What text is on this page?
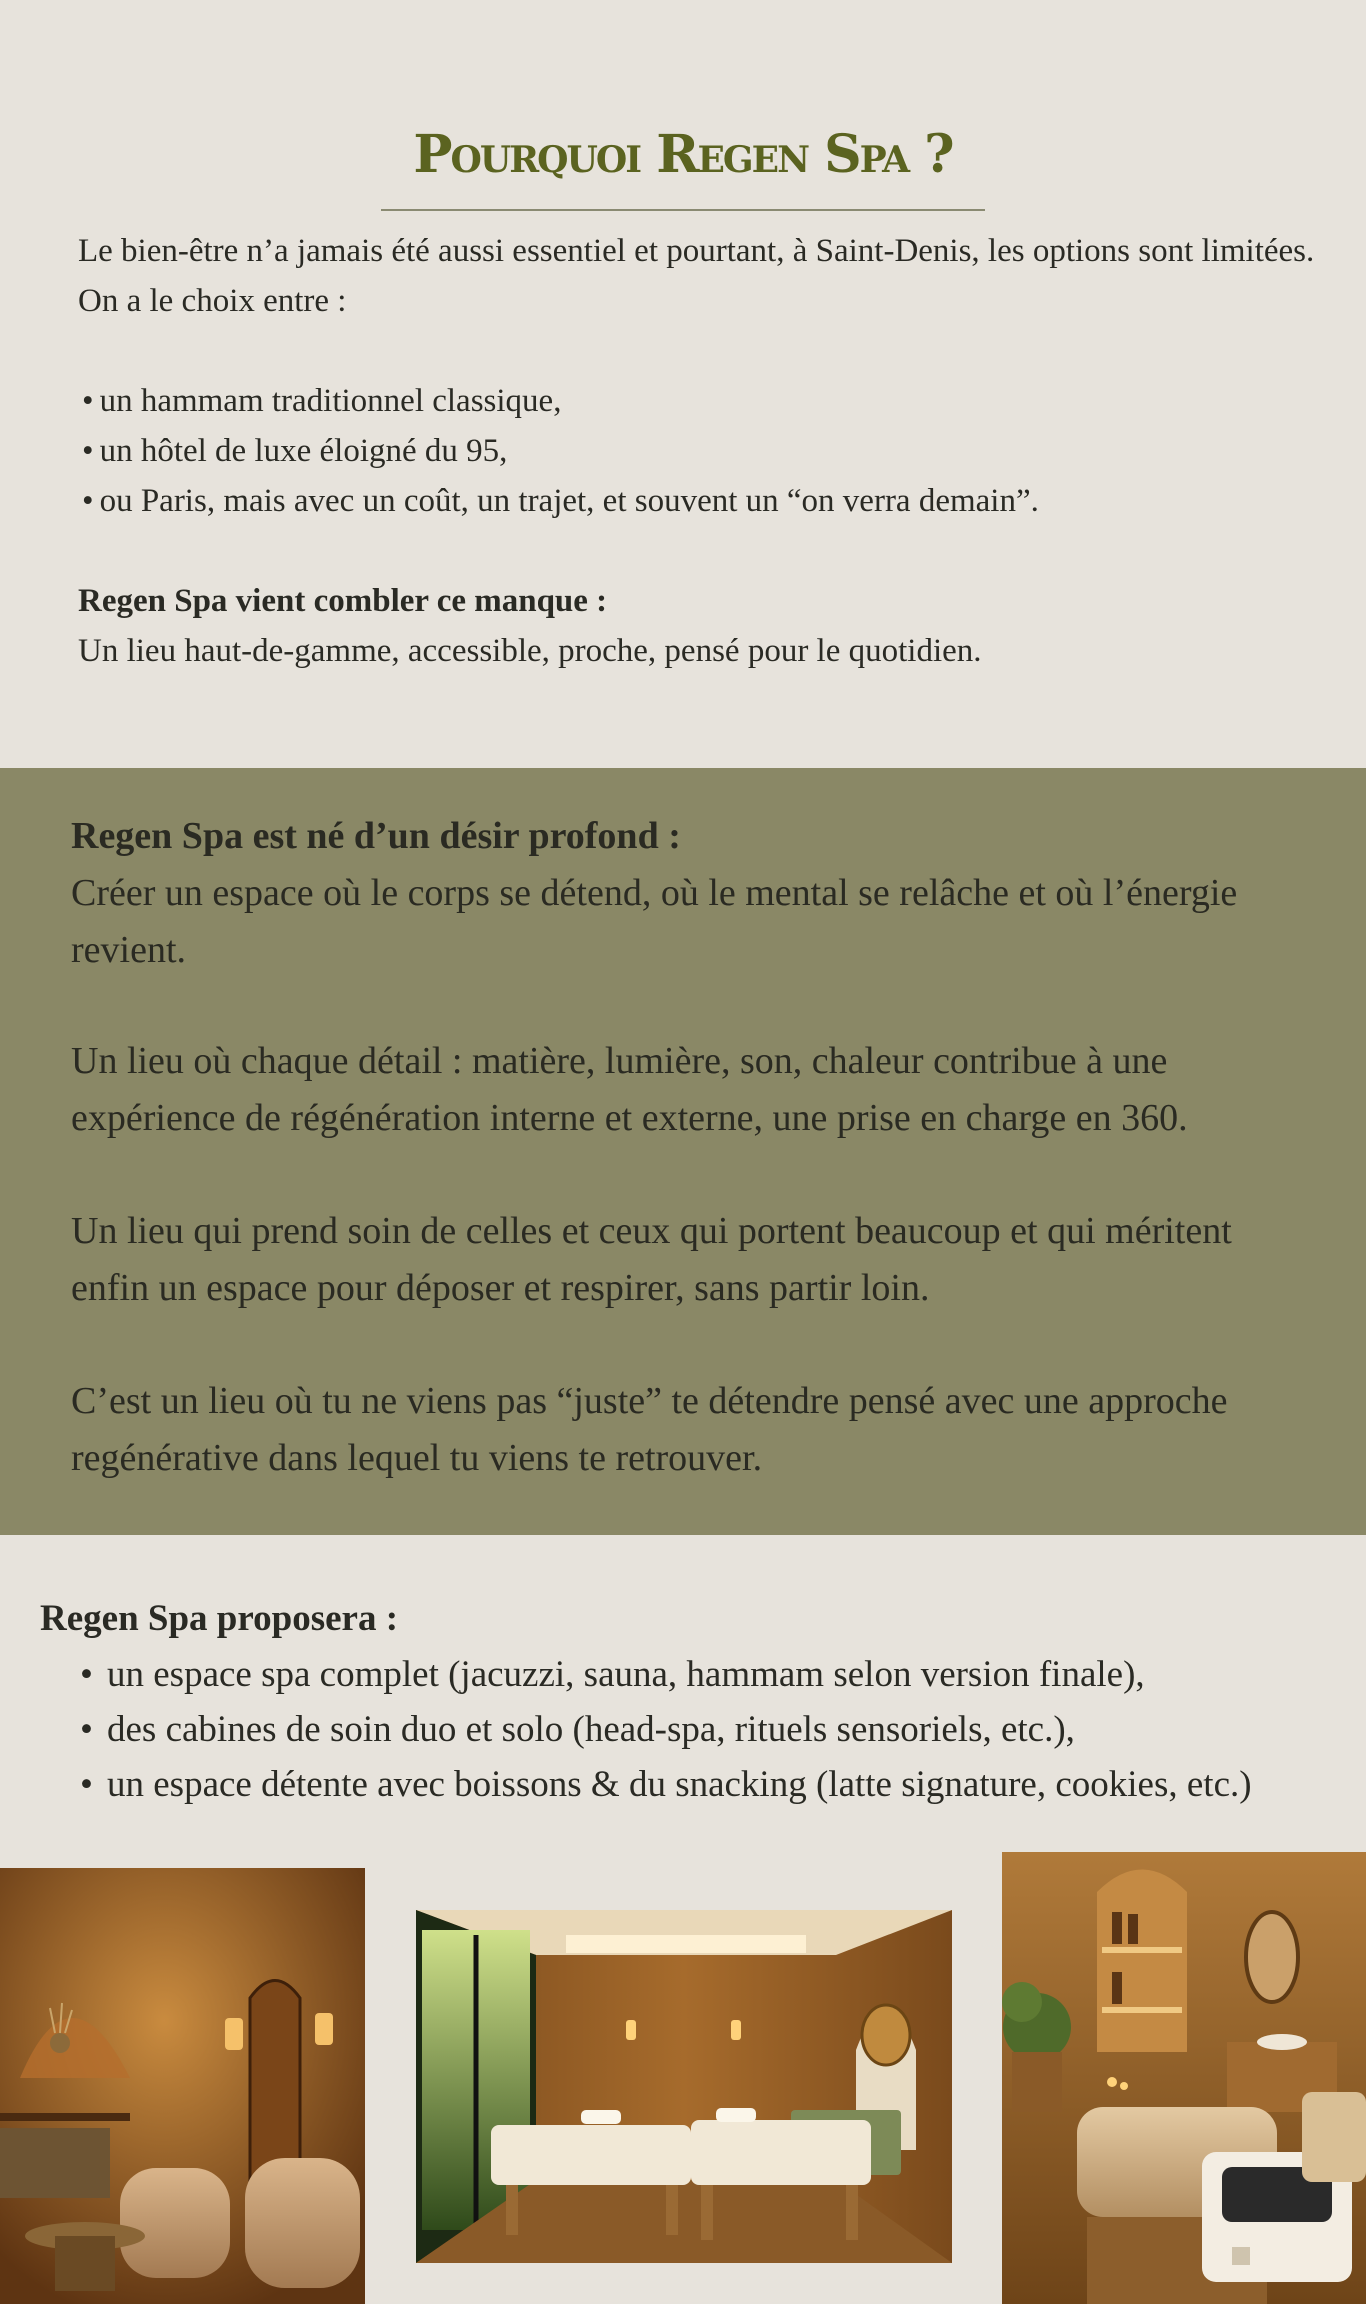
Pourquoi Regen Spa ?

Le bien-être n’a jamais été aussi essentiel et pourtant, à Saint-Denis, les options sont limitées. On a le choix entre :

• un hammam traditionnel classique,
• un hôtel de luxe éloigné du 95,
• ou Paris, mais avec un coût, un trajet, et souvent un “on verra demain”.

Regen Spa vient combler ce manque :

Un lieu haut-de-gamme, accessible, proche, pensé pour le quotidien.

Regen Spa est né d’un désir profond :
Créer un espace où le corps se détend, où le mental se relâche et où l’énergie revient.

Un lieu où chaque détail : matière, lumière, son, chaleur contribue à une expérience de régénération interne et externe, une prise en charge en 360.

Un lieu qui prend soin de celles et ceux qui portent beaucoup et qui méritent enfin un espace pour déposer et respirer, sans partir loin.

C’est un lieu où tu ne viens pas “juste” te détendre pensé avec une approche regénérative dans lequel tu viens te retrouver.

Regen Spa proposera :

• un espace spa complet (jacuzzi, sauna, hammam selon version finale),
• des cabines de soin duo et solo (head-spa, rituels sensoriels, etc.),
• un espace détente avec boissons & du snacking (latte signature, cookies, etc.)
